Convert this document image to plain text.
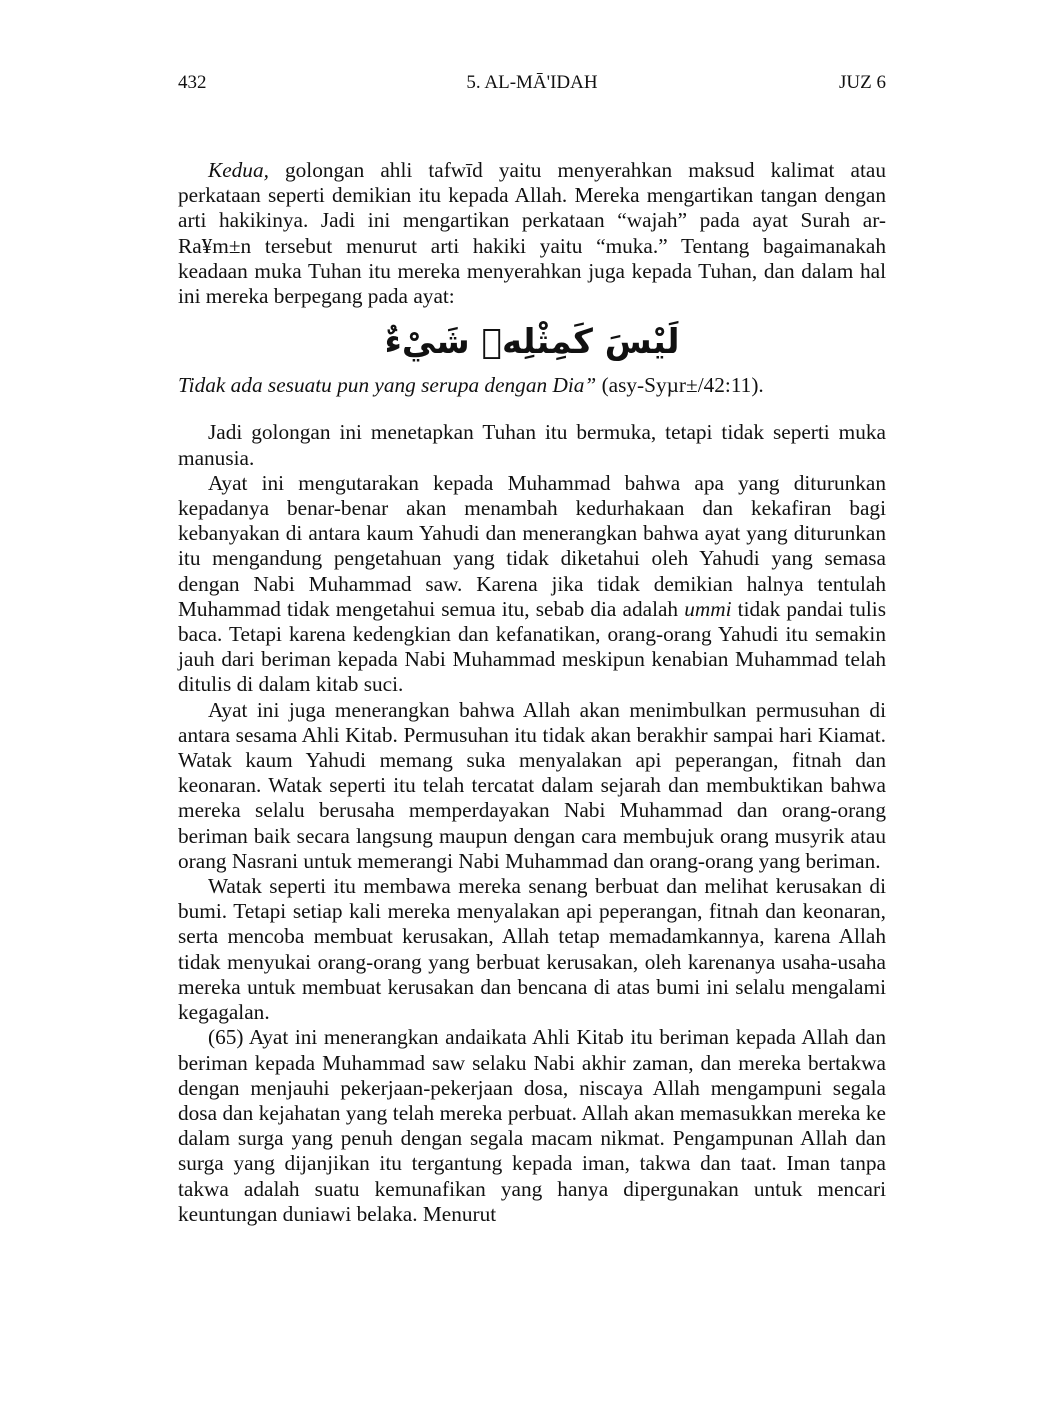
432	5. AL-MĀ'IDAH	JUZ 6

Kedua, golongan ahli tafwīd yaitu menyerahkan maksud kalimat atau perkataan seperti demikian itu kepada Allah. Mereka mengartikan tangan dengan arti hakikinya. Jadi ini mengartikan perkataan “wajah” pada ayat Surah ar-Ra¥m±n tersebut menurut arti hakiki yaitu “muka.” Tentang bagaimanakah keadaan muka Tuhan itu mereka menyerahkan juga kepada Tuhan, dan dalam hal ini mereka berpegang pada ayat:

لَيْسَ كَمِثْلِهٖ شَيْءٌ

Tidak ada sesuatu pun yang serupa dengan Dia” (asy-Syµr±/42:11).

Jadi golongan ini menetapkan Tuhan itu bermuka, tetapi tidak seperti muka manusia.

Ayat ini mengutarakan kepada Muhammad bahwa apa yang diturunkan kepadanya benar-benar akan menambah kedurhakaan dan kekafiran bagi kebanyakan di antara kaum Yahudi dan menerangkan bahwa ayat yang diturunkan itu mengandung pengetahuan yang tidak diketahui oleh Yahudi yang semasa dengan Nabi Muhammad saw. Karena jika tidak demikian halnya tentulah Muhammad tidak mengetahui semua itu, sebab dia adalah ummi tidak pandai tulis baca. Tetapi karena kedengkian dan kefanatikan, orang-orang Yahudi itu semakin jauh dari beriman kepada Nabi Muhammad meskipun kenabian Muhammad telah ditulis di dalam kitab suci.

Ayat ini juga menerangkan bahwa Allah akan menimbulkan permusuhan di antara sesama Ahli Kitab. Permusuhan itu tidak akan berakhir sampai hari Kiamat. Watak kaum Yahudi memang suka menyalakan api peperangan, fitnah dan keonaran. Watak seperti itu telah tercatat dalam sejarah dan membuktikan bahwa mereka selalu berusaha memperdayakan Nabi Muhammad dan orang-orang beriman baik secara langsung maupun dengan cara membujuk orang musyrik atau orang Nasrani untuk memerangi Nabi Muhammad dan orang-orang yang beriman.

Watak seperti itu membawa mereka senang berbuat dan melihat kerusakan di bumi. Tetapi setiap kali mereka menyalakan api peperangan, fitnah dan keonaran, serta mencoba membuat kerusakan, Allah tetap memadamkannya, karena Allah tidak menyukai orang-orang yang berbuat kerusakan, oleh karenanya usaha-usaha mereka untuk membuat kerusakan dan bencana di atas bumi ini selalu mengalami kegagalan.

(65) Ayat ini menerangkan andaikata Ahli Kitab itu beriman kepada Allah dan beriman kepada Muhammad saw selaku Nabi akhir zaman, dan mereka bertakwa dengan menjauhi pekerjaan-pekerjaan dosa, niscaya Allah mengampuni segala dosa dan kejahatan yang telah mereka perbuat. Allah akan memasukkan mereka ke dalam surga yang penuh dengan segala macam nikmat. Pengampunan Allah dan surga yang dijanjikan itu tergantung kepada iman, takwa dan taat. Iman tanpa takwa adalah suatu kemunafikan yang hanya dipergunakan untuk mencari keuntungan duniawi belaka. Menurut
